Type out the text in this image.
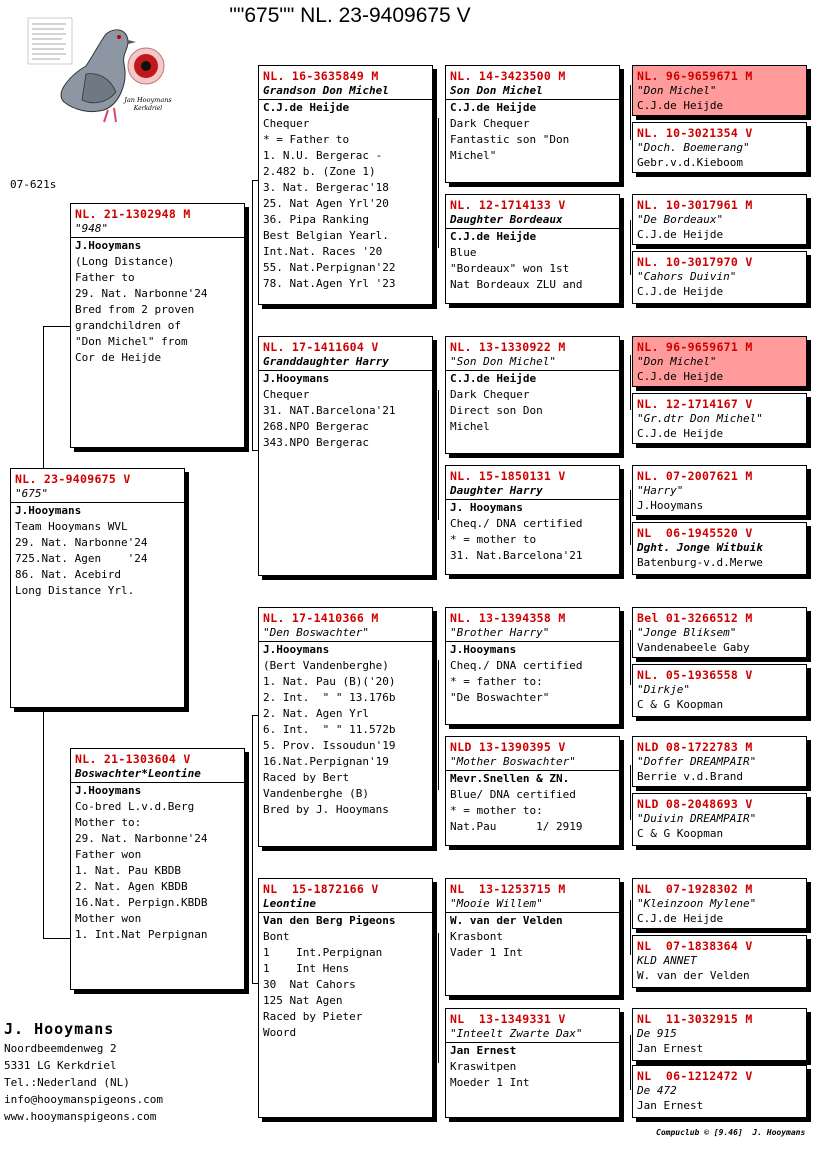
""675"" NL. 23-9409675 V
Jan Hooymans
Kerkdriel
07-621s
NL. 23-9409675 V
"675"
J.Hooymans
Team Hooymans WVL
29. Nat. Narbonne'24
725.Nat. Agen    '24
86. Nat. Acebird
Long Distance Yrl.
NL. 21-1302948 M
"948"
J.Hooymans
(Long Distance)
Father to
29. Nat. Narbonne'24
Bred from 2 proven
grandchildren of
"Don Michel" from
Cor de Heijde
NL. 21-1303604 V
Boswachter*Leontine
J.Hooymans
Co-bred L.v.d.Berg
Mother to:
29. Nat. Narbonne'24
Father won
1. Nat. Pau KBDB
2. Nat. Agen KBDB
16.Nat. Perpign.KBDB
Mother won
1. Int.Nat Perpignan
NL. 16-3635849 M
Grandson Don Michel
C.J.de Heijde
Chequer
* = Father to
1. N.U. Bergerac -
2.482 b. (Zone 1)
3. Nat. Bergerac'18
25. Nat Agen Yrl'20
36. Pipa Ranking
Best Belgian Yearl.
Int.Nat. Races '20
55. Nat.Perpignan'22
78. Nat.Agen Yrl '23
NL. 17-1411604 V
Granddaughter Harry
J.Hooymans
Chequer
31. NAT.Barcelona'21
268.NPO Bergerac
343.NPO Bergerac
NL. 17-1410366 M
"Den Boswachter"
J.Hooymans
(Bert Vandenberghe)
1. Nat. Pau (B)('20)
2. Int.  " " 13.176b
2. Nat. Agen Yrl
6. Int.  " " 11.572b
5. Prov. Issoudun'19
16.Nat.Perpignan'19
Raced by Bert
Vandenberghe (B)
Bred by J. Hooymans
NL  15-1872166 V
Leontine
Van den Berg Pigeons
Bont
1    Int.Perpignan
1    Int Hens
30  Nat Cahors
125 Nat Agen
Raced by Pieter
Woord
NL. 14-3423500 M
Son Don Michel
C.J.de Heijde
Dark Chequer
Fantastic son "Don
Michel"
NL. 12-1714133 V
Daughter Bordeaux
C.J.de Heijde
Blue
"Bordeaux" won 1st
Nat Bordeaux ZLU and
NL. 13-1330922 M
"Son Don Michel"
C.J.de Heijde
Dark Chequer
Direct son Don
Michel
NL. 15-1850131 V
Daughter Harry
J. Hooymans
Cheq./ DNA certified
* = mother to
31. Nat.Barcelona'21
NL. 13-1394358 M
"Brother Harry"
J.Hooymans
Cheq./ DNA certified
* = father to:
"De Boswachter"
NLD 13-1390395 V
"Mother Boswachter"
Mevr.Snellen & ZN.
Blue/ DNA certified
* = mother to:
Nat.Pau      1/ 2919
NL  13-1253715 M
"Mooie Willem"
W. van der Velden
Krasbont
Vader 1 Int
NL  13-1349331 V
"Inteelt Zwarte Dax"
Jan Ernest
Kraswitpen
Moeder 1 Int
NL. 96-9659671 M
"Don Michel"
C.J.de Heijde
NL. 10-3021354 V
"Doch. Boemerang"
Gebr.v.d.Kieboom
NL. 10-3017961 M
"De Bordeaux"
C.J.de Heijde
NL. 10-3017970 V
"Cahors Duivin"
C.J.de Heijde
NL. 96-9659671 M
"Don Michel"
C.J.de Heijde
NL. 12-1714167 V
"Gr.dtr Don Michel"
C.J.de Heijde
NL. 07-2007621 M
"Harry"
J.Hooymans
NL  06-1945520 V
Dght. Jonge Witbuik
Batenburg-v.d.Merwe
Bel 01-3266512 M
"Jonge Bliksem"
Vandenabeele Gaby
NL. 05-1936558 V
"Dirkje"
C & G Koopman
NLD 08-1722783 M
"Doffer DREAMPAIR"
Berrie v.d.Brand
NLD 08-2048693 V
"Duivin DREAMPAIR"
C & G Koopman
NL  07-1928302 M
"Kleinzoon Mylene"
C.J.de Heijde
NL  07-1838364 V
KLD ANNET
W. van der Velden
NL  11-3032915 M
De 915
Jan Ernest
NL  06-1212472 V
De 472
Jan Ernest
J. Hooymans
Noordbeemdenweg 2
5331 LG Kerkdriel
Tel.:Nederland (NL)
info@hooymanspigeons.com
www.hooymanspigeons.com
Compuclub © [9.46]  J. Hooymans
